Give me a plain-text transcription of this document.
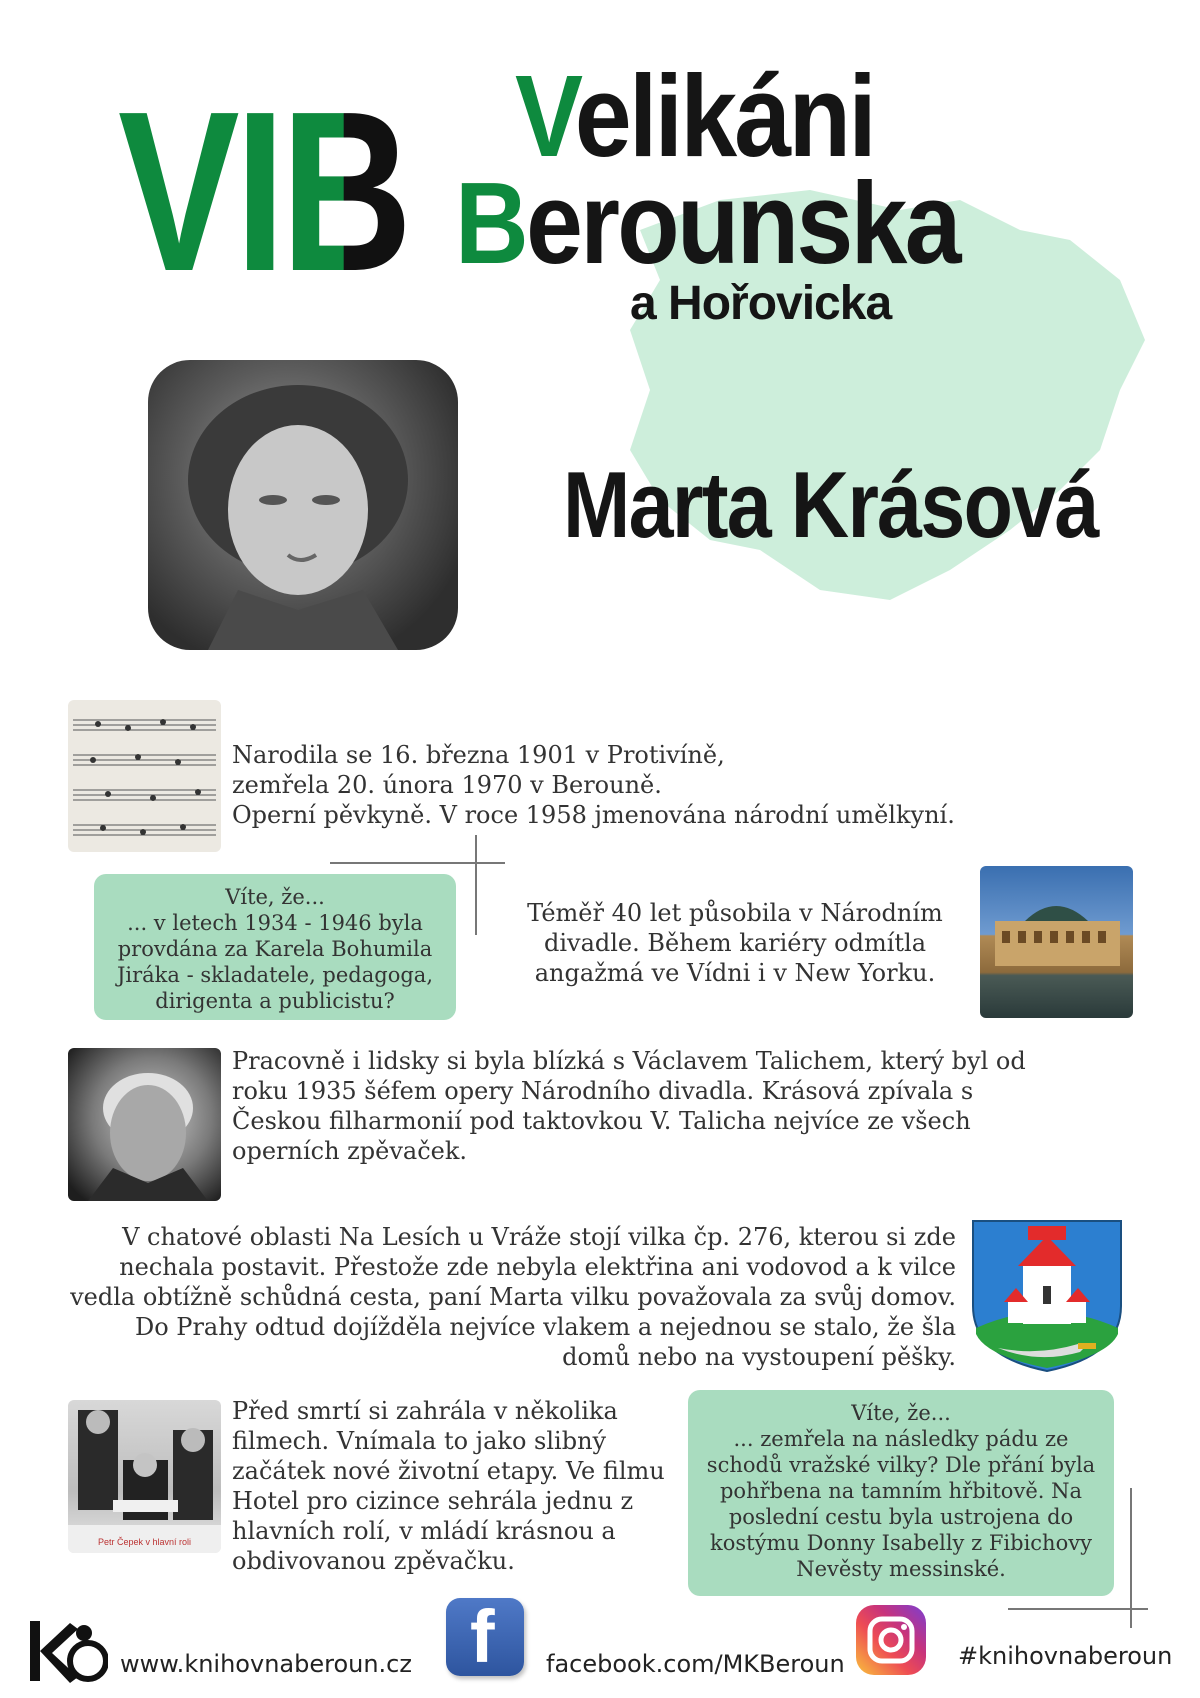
VIB Velikáni
Berounska
a Hořovicka
Marta Krásová
Narodila se 16. března 1901 v Protivíně,
zemřela 20. února 1970 v Berouně.
Operní pěvkyně. V roce 1958 jmenována národní umělkyní.
Víte, že...
... v letech 1934 - 1946 byla provdána za Karela Bohumila Jiráka - skladatele, pedagoga, dirigenta a publicistu?
Téměř 40 let působila v Národním divadle. Během kariéry odmítla angažmá ve Vídni i v New Yorku.
Pracovně i lidsky si byla blízká s Václavem Talichem, který byl od roku 1935 šéfem opery Národního divadla. Krásová zpívala s Českou filharmonií pod taktovkou V. Talicha nejvíce ze všech operních zpěvaček.
V chatové oblasti Na Lesích u Vráže stojí vilka čp. 276, kterou si zde nechala postavit. Přestože zde nebyla elektřina ani vodovod a k vilce vedla obtížně schůdná cesta, paní Marta vilku považovala za svůj domov. Do Prahy odtud dojížděla nejvíce vlakem a nejednou se stalo, že šla domů nebo na vystoupení pěšky.
Petr Čepek v hlavní roli
Před smrtí si zahrála v několika filmech. Vnímala to jako slibný začátek nové životní etapy. Ve filmu Hotel pro cizince sehrála jednu z hlavních rolí, v mládí krásnou a obdivovanou zpěvačku.
Víte, že...
... zemřela na následky pádu ze schodů vražské vilky? Dle přání byla pohřbena na tamním hřbitově. Na poslední cestu byla ustrojena do kostýmu Donny Isabelly z Fibichovy Nevěsty messinské.
www.knihovnaberoun.cz f facebook.com/MKBeroun	#knihovnaberoun
